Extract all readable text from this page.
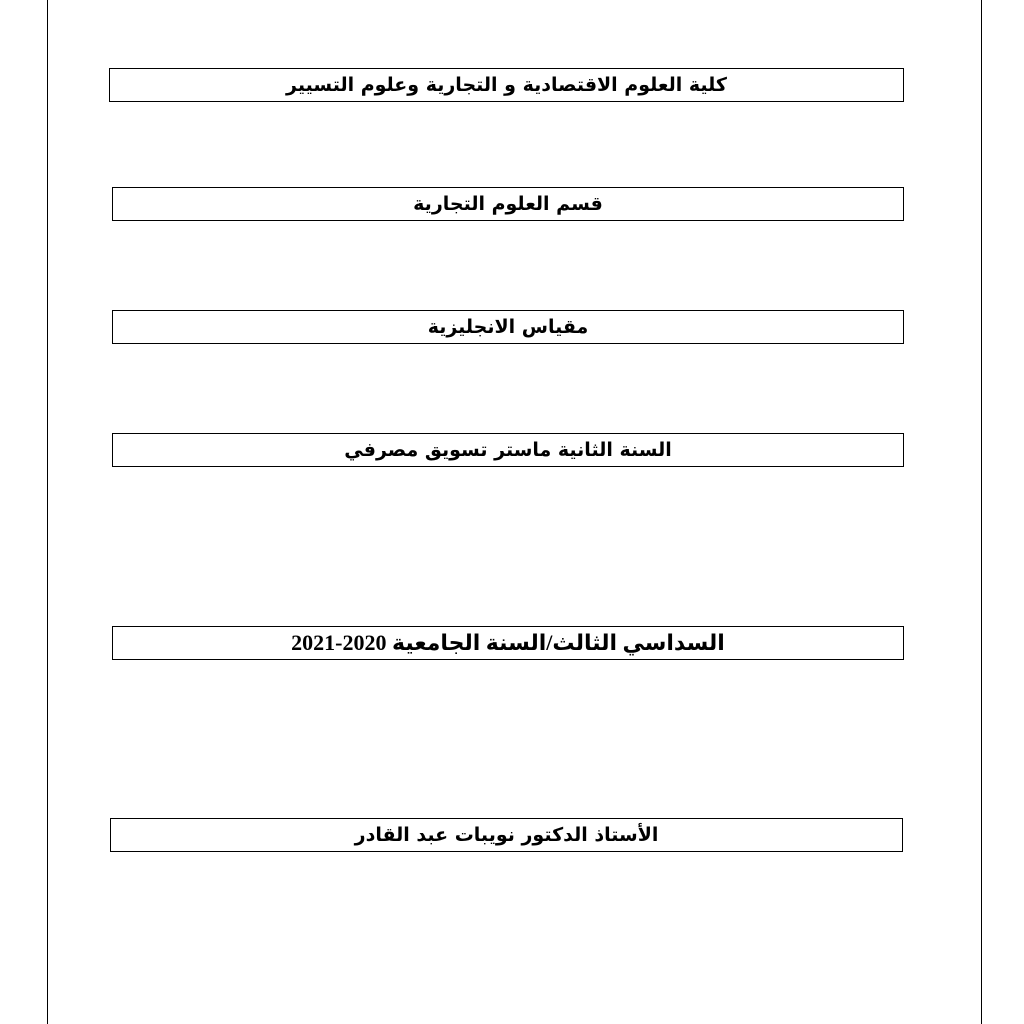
كلية العلوم الاقتصادية و التجارية وعلوم التسيير
قسم العلوم التجارية
مقياس الانجليزية
السنة الثانية ماستر تسويق مصرفي
السداسي الثالث/السنة الجامعية 2020-2021
الأستاذ الدكتور نويبات عبد القادر
